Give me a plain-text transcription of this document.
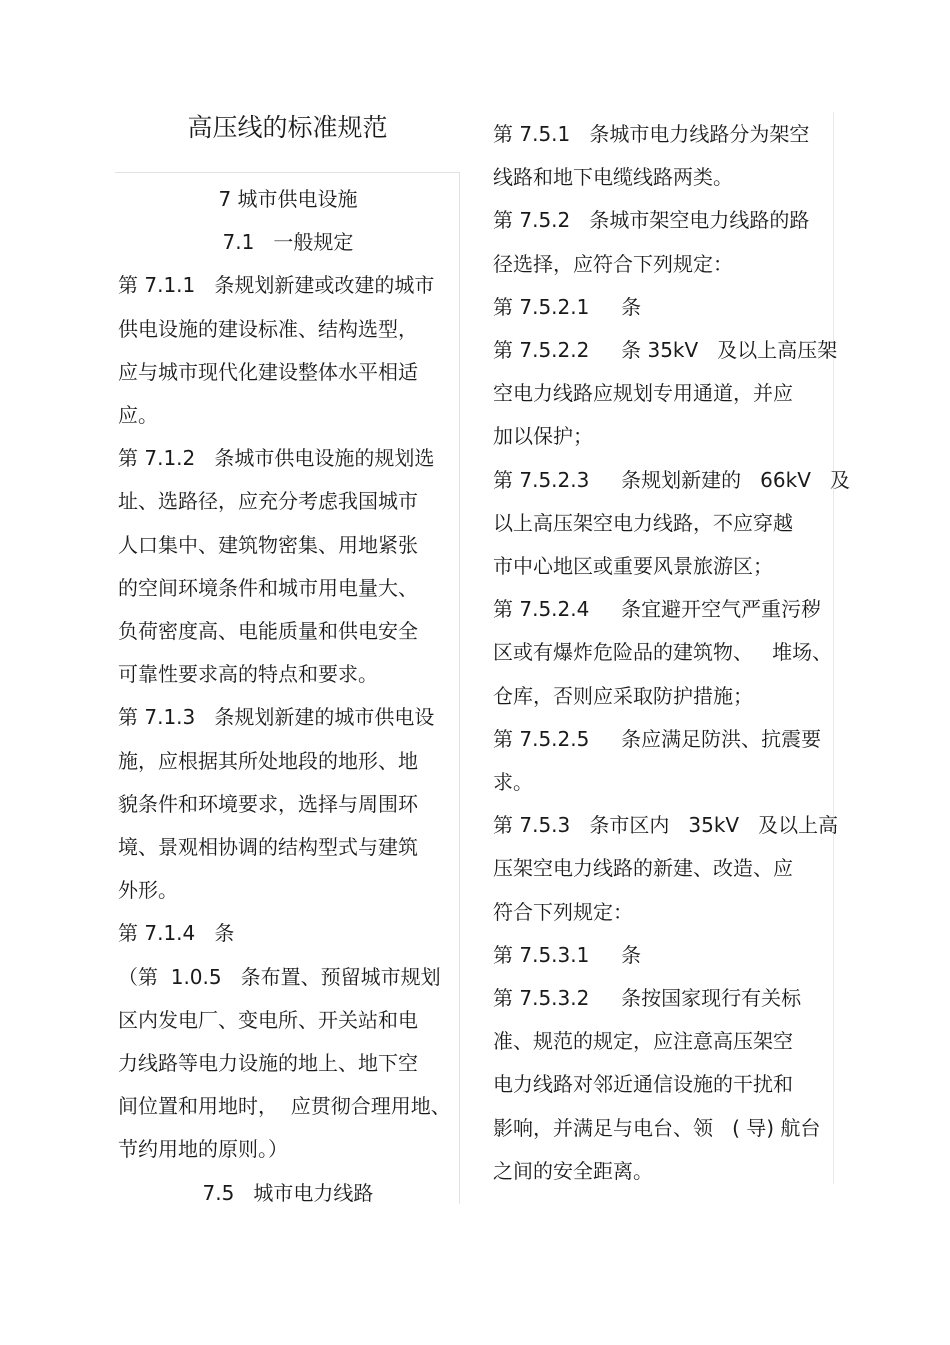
高压线的标准规范

7 城市供电设施

7.1   一般规定

第 7.1.1   条规划新建或改建的城市

供电设施的建设标准、结构选型，

应与城市现代化建设整体水平相适

应。

第 7.1.2   条城市供电设施的规划选

址、选路径，应充分考虑我国城市

人口集中、建筑物密集、用地紧张

的空间环境条件和城市用电量大、

负荷密度高、电能质量和供电安全

可靠性要求高的特点和要求。

第 7.1.3   条规划新建的城市供电设

施，应根据其所处地段的地形、地

貌条件和环境要求，选择与周围环

境、景观相协调的结构型式与建筑

外形。

第 7.1.4   条

（第  1.0.5   条布置、预留城市规划

区内发电厂、变电所、开关站和电

力线路等电力设施的地上、地下空

间位置和用地时，  应贯彻合理用地、

节约用地的原则。）

7.5   城市电力线路

第 7.5.1   条城市电力线路分为架空

线路和地下电缆线路两类。

第 7.5.2   条城市架空电力线路的路

径选择，应符合下列规定：

第 7.5.2.1     条

第 7.5.2.2     条 35kV   及以上高压架

空电力线路应规划专用通道，并应

加以保护；

第 7.5.2.3     条规划新建的   66kV   及

以上高压架空电力线路，不应穿越

市中心地区或重要风景旅游区；

第 7.5.2.4     条宜避开空气严重污秽

区或有爆炸危险品的建筑物、   堆场、

仓库，否则应采取防护措施；

第 7.5.2.5     条应满足防洪、抗震要

求。

第 7.5.3   条市区内   35kV   及以上高

压架空电力线路的新建、改造、应

符合下列规定：

第 7.5.3.1     条

第 7.5.3.2     条按国家现行有关标

准、规范的规定，应注意高压架空

电力线路对邻近通信设施的干扰和

影响，并满足与电台、领   ( 导) 航台

之间的安全距离。
